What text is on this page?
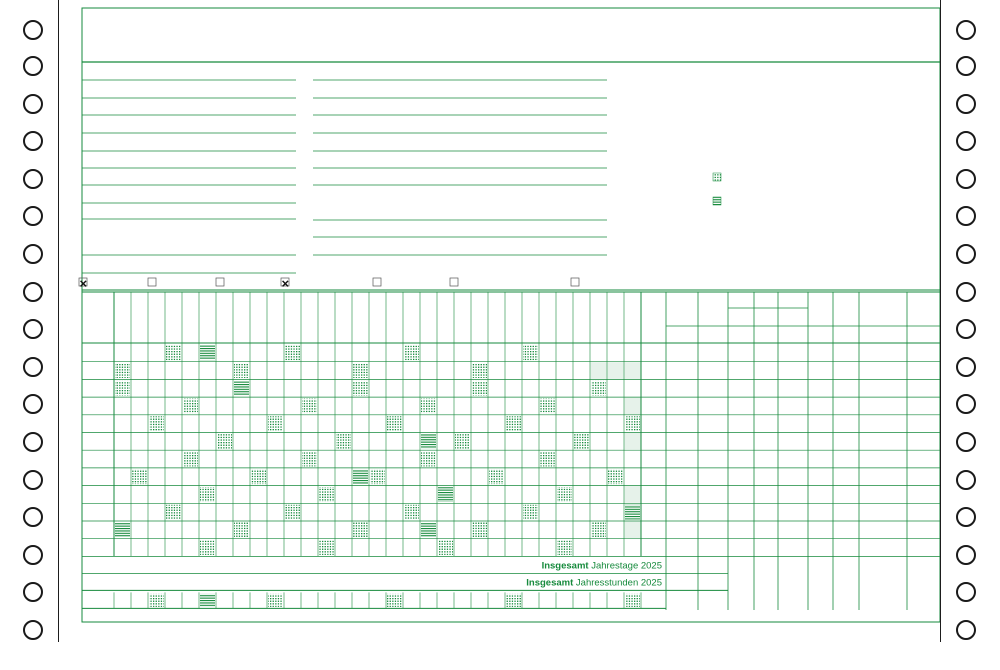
×	×
Insgesamt Jahrestage 2025
Insgesamt Jahresstunden 2025
